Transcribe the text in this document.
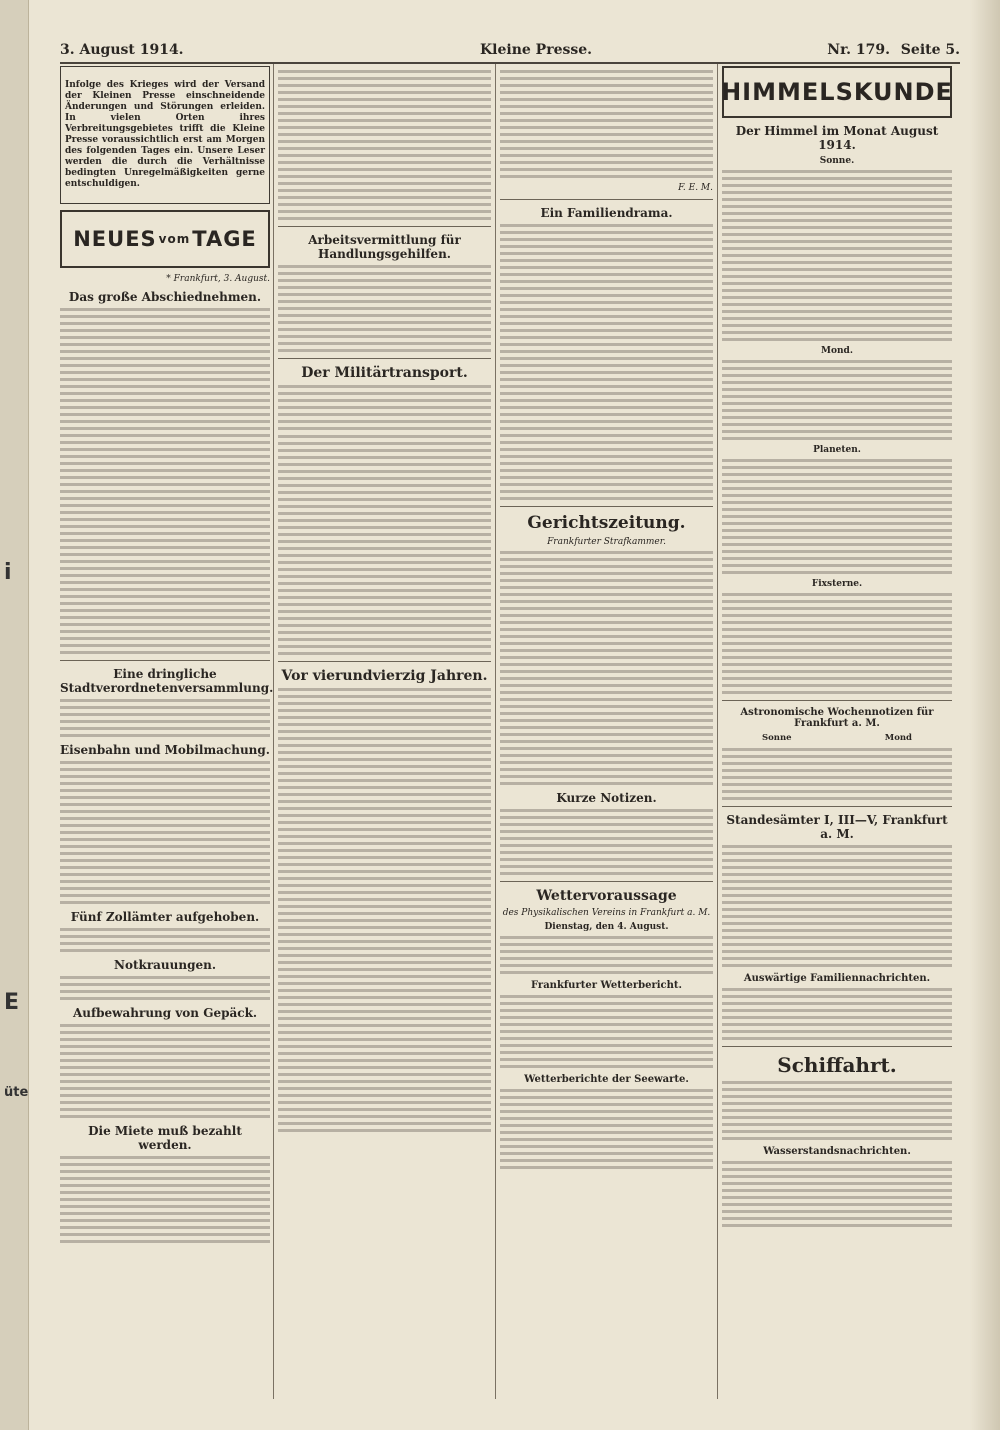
i
E
üte
3. August 1914.	Kleine Presse.	Nr. 179. Seite 5.

Infolge des Krieges wird der Versand der Kleinen Presse einschneidende Änderungen und Störungen erleiden. In vielen Orten ihres Verbreitungsgebietes trifft die Kleine Presse voraussichtlich erst am Morgen des folgenden Tages ein. Unsere Leser werden die durch die Verhältnisse bedingten Unregelmäßigkeiten gerne entschuldigen.

NEUES vom TAGE

* Frankfurt, 3. August.

Das große Abschiednehmen.
Eine dringliche Stadtverordnetenversammlung.
Eisenbahn und Mobilmachung.
Fünf Zollämter aufgehoben.
Notkrauungen.
Aufbewahrung von Gepäck.
Die Miete muß bezahlt werden.
Arbeitsvermittlung für Handlungsgehilfen.
Der Militärtransport.
Vor vierundvierzig Jahren.

F. E. M.

Ein Familiendrama.
Gerichtszeitung.

Frankfurter Strafkammer.

Kurze Notizen.
Wettervoraussage

des Physikalischen Vereins in Frankfurt a. M.

Dienstag, den 4. August.

Frankfurter Wetterbericht.
Wetterberichte der Seewarte.
HIMMELSKUNDE
Der Himmel im Monat August 1914.

Sonne.

Mond.

Planeten.

Fixsterne.

Astronomische Wochennotizen für Frankfurt a. M.
Sonne	Mond
Standesämter I, III—V, Frankfurt a. M.
Auswärtige Familiennachrichten.
Schiffahrt.
Wasserstandsnachrichten.
